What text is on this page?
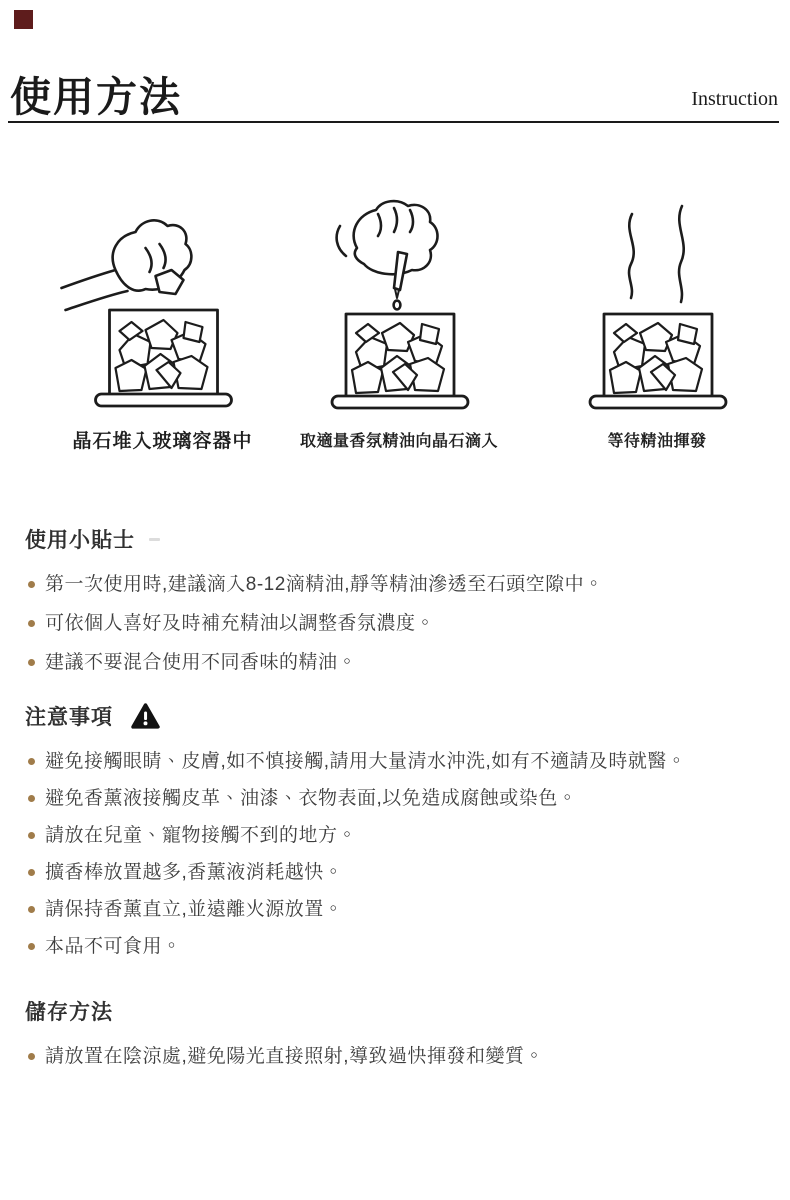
使用方法	Instruction
晶石堆入玻璃容器中	取適量香氛精油向晶石滴入	等待精油揮發
使用小貼士
第一次使用時,建議滴入8-12滴精油,靜等精油滲透至石頭空隙中。
可依個人喜好及時補充精油以調整香氛濃度。
建議不要混合使用不同香味的精油。
注意事項
避免接觸眼睛、皮膚,如不慎接觸,請用大量清水沖洗,如有不適請及時就醫。
避免香薰液接觸皮革、油漆、衣物表面,以免造成腐蝕或染色。
請放在兒童、寵物接觸不到的地方。
擴香棒放置越多,香薰液消耗越快。
請保持香薰直立,並遠離火源放置。
本品不可食用。
儲存方法
請放置在陰涼處,避免陽光直接照射,導致過快揮發和變質。
